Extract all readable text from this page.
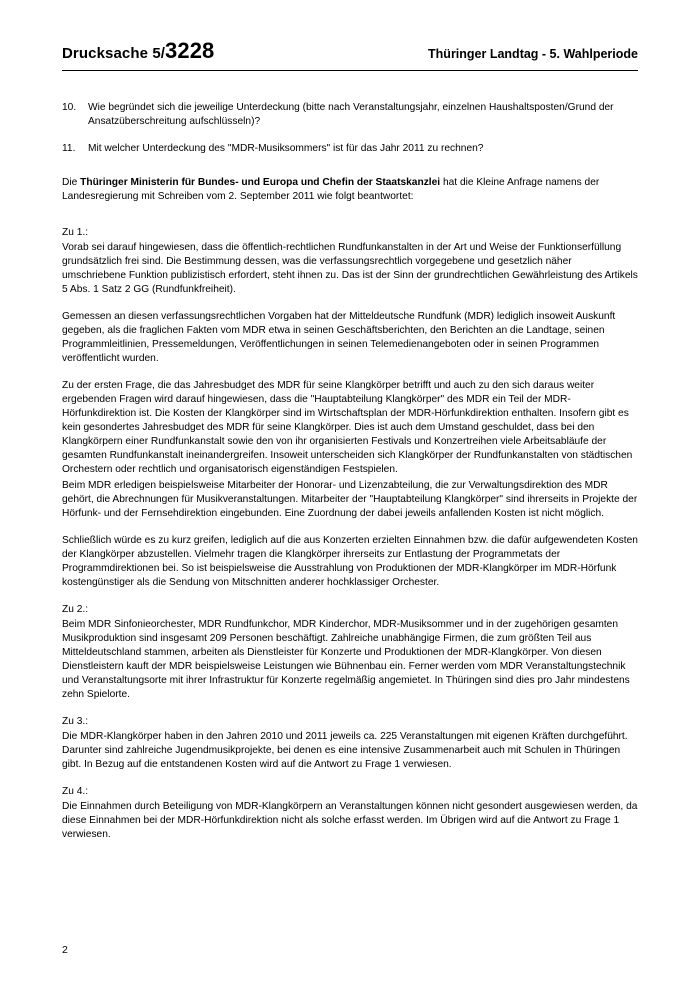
Drucksache 5/3228	Thüringer Landtag - 5. Wahlperiode
10.	Wie begründet sich die jeweilige Unterdeckung (bitte nach Veranstaltungsjahr, einzelnen Haushaltsposten/Grund der Ansatzüberschreitung aufschlüsseln)?
11.	Mit welcher Unterdeckung des "MDR-Musiksommers" ist für das Jahr 2011 zu rechnen?

Die Thüringer Ministerin für Bundes- und Europa und Chefin der Staatskanzlei hat die Kleine Anfrage namens der Landesregierung mit Schreiben vom 2. September 2011 wie folgt beantwortet:

Zu 1.:

Vorab sei darauf hingewiesen, dass die öffentlich-rechtlichen Rundfunkanstalten in der Art und Weise der Funktionserfüllung grundsätzlich frei sind. Die Bestimmung dessen, was die verfassungsrechtlich vorgegebene und gesetzlich näher umschriebene Funktion publizistisch erfordert, steht ihnen zu. Das ist der Sinn der grundrechtlichen Gewährleistung des Artikels 5 Abs. 1 Satz 2 GG (Rundfunkfreiheit).

Gemessen an diesen verfassungsrechtlichen Vorgaben hat der Mitteldeutsche Rundfunk (MDR) lediglich insoweit Auskunft gegeben, als die fraglichen Fakten vom MDR etwa in seinen Geschäftsberichten, den Berichten an die Landtage, seinen Programmleitlinien, Pressemeldungen, Veröffentlichungen in seinen Telemedienangeboten oder in seinen Programmen veröffentlicht wurden.

Zu der ersten Frage, die das Jahresbudget des MDR für seine Klangkörper betrifft und auch zu den sich daraus weiter ergebenden Fragen wird darauf hingewiesen, dass die "Hauptabteilung Klangkörper" des MDR ein Teil der MDR-Hörfunkdirektion ist. Die Kosten der Klangkörper sind im Wirtschaftsplan der MDR-Hörfunkdirektion enthalten. Insofern gibt es kein gesondertes Jahresbudget des MDR für seine Klangkörper. Dies ist auch dem Umstand geschuldet, dass bei den Klangkörpern einer Rundfunkanstalt sowie den von ihr organisierten Festivals und Konzertreihen viele Arbeitsabläufe der gesamten Rundfunkanstalt ineinandergreifen. Insoweit unterscheiden sich Klangkörper der Rundfunkanstalten von städtischen Orchestern oder rechtlich und organisatorisch eigenständigen Festspielen.

Beim MDR erledigen beispielsweise Mitarbeiter der Honorar- und Lizenzabteilung, die zur Verwaltungsdirektion des MDR gehört, die Abrechnungen für Musikveranstaltungen. Mitarbeiter der "Hauptabteilung Klangkörper" sind ihrerseits in Projekte der Hörfunk- und der Fernsehdirektion eingebunden. Eine Zuordnung der dabei jeweils anfallenden Kosten ist nicht möglich.

Schließlich würde es zu kurz greifen, lediglich auf die aus Konzerten erzielten Einnahmen bzw. die dafür aufgewendeten Kosten der Klangkörper abzustellen. Vielmehr tragen die Klangkörper ihrerseits zur Entlastung der Programmetats der Programmdirektionen bei. So ist beispielsweise die Ausstrahlung von Produktionen der MDR-Klangkörper im MDR-Hörfunk kostengünstiger als die Sendung von Mitschnitten anderer hochklassiger Orchester.

Zu 2.:

Beim MDR Sinfonieorchester, MDR Rundfunkchor, MDR Kinderchor, MDR-Musiksommer und in der zugehörigen gesamten Musikproduktion sind insgesamt 209 Personen beschäftigt. Zahlreiche unabhängige Firmen, die zum größten Teil aus Mitteldeutschland stammen, arbeiten als Dienstleister für Konzerte und Produktionen der MDR-Klangkörper. Von diesen Dienstleistern kauft der MDR beispielsweise Leistungen wie Bühnenbau ein. Ferner werden vom MDR Veranstaltungstechnik und Veranstaltungsorte mit ihrer Infrastruktur für Konzerte regelmäßig angemietet. In Thüringen sind dies pro Jahr mindestens zehn Spielorte.

Zu 3.:

Die MDR-Klangkörper haben in den Jahren 2010 und 2011 jeweils ca. 225 Veranstaltungen mit eigenen Kräften durchgeführt. Darunter sind zahlreiche Jugendmusikprojekte, bei denen es eine intensive Zusammenarbeit auch mit Schulen in Thüringen gibt. In Bezug auf die entstandenen Kosten wird auf die Antwort zu Frage 1 verwiesen.

Zu 4.:

Die Einnahmen durch Beteiligung von MDR-Klangkörpern an Veranstaltungen können nicht gesondert ausgewiesen werden, da diese Einnahmen bei der MDR-Hörfunkdirektion nicht als solche erfasst werden. Im Übrigen wird auf die Antwort zu Frage 1 verwiesen.

2
